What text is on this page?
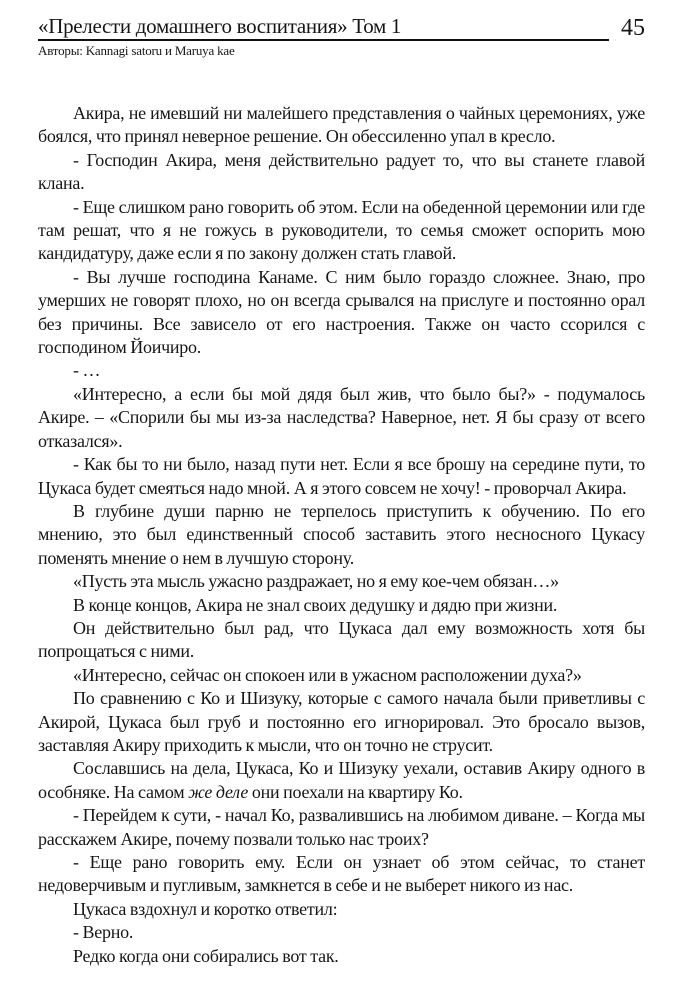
«Прелести домашнего воспитания» Том 1	45
Авторы: Kannagi satoru и Maruya kae

Акира, не имевший ни малейшего представления о чайных церемониях, уже боялся, что принял неверное решение. Он обессиленно упал в кресло.

- Господин Акира, меня действительно радует то, что вы станете главой клана.

- Еще слишком рано говорить об этом. Если на обеденной церемонии или где там решат, что я не гожусь в руководители, то семья сможет оспорить мою кандидатуру, даже если я по закону должен стать главой.

- Вы лучше господина Канаме. С ним было гораздо сложнее. Знаю, про умерших не говорят плохо, но он всегда срывался на прислуге и постоянно орал без причины. Все зависело от его настроения. Также он часто ссорился с господином Йоичиро.

- …

«Интересно, а если бы мой дядя был жив, что было бы?» - подумалось Акире. – «Спорили бы мы из-за наследства? Наверное, нет. Я бы сразу от всего отказался».

- Как бы то ни было, назад пути нет. Если я все брошу на середине пути, то Цукаса будет смеяться надо мной. А я этого совсем не хочу! - проворчал Акира.

В глубине души парню не терпелось приступить к обучению. По его мнению, это был единственный способ заставить этого несносного Цукасу поменять мнение о нем в лучшую сторону.

«Пусть эта мысль ужасно раздражает, но я ему кое-чем обязан…»

В конце концов, Акира не знал своих дедушку и дядю при жизни.

Он действительно был рад, что Цукаса дал ему возможность хотя бы попрощаться с ними.

«Интересно, сейчас он спокоен или в ужасном расположении духа?»

По сравнению с Ко и Шизуку, которые с самого начала были приветливы с Акирой, Цукаса был груб и постоянно его игнорировал. Это бросало вызов, заставляя Акиру приходить к мысли, что он точно не струсит.

Сославшись на дела, Цукаса, Ко и Шизуку уехали, оставив Акиру одного в особняке. На самом же деле они поехали на квартиру Ко.

- Перейдем к сути, - начал Ко, развалившись на любимом диване. – Когда мы расскажем Акире, почему позвали только нас троих?

- Еще рано говорить ему. Если он узнает об этом сейчас, то станет недоверчивым и пугливым, замкнется в себе и не выберет никого из нас.

Цукаса вздохнул и коротко ответил:

- Верно.

Редко когда они собирались вот так.
